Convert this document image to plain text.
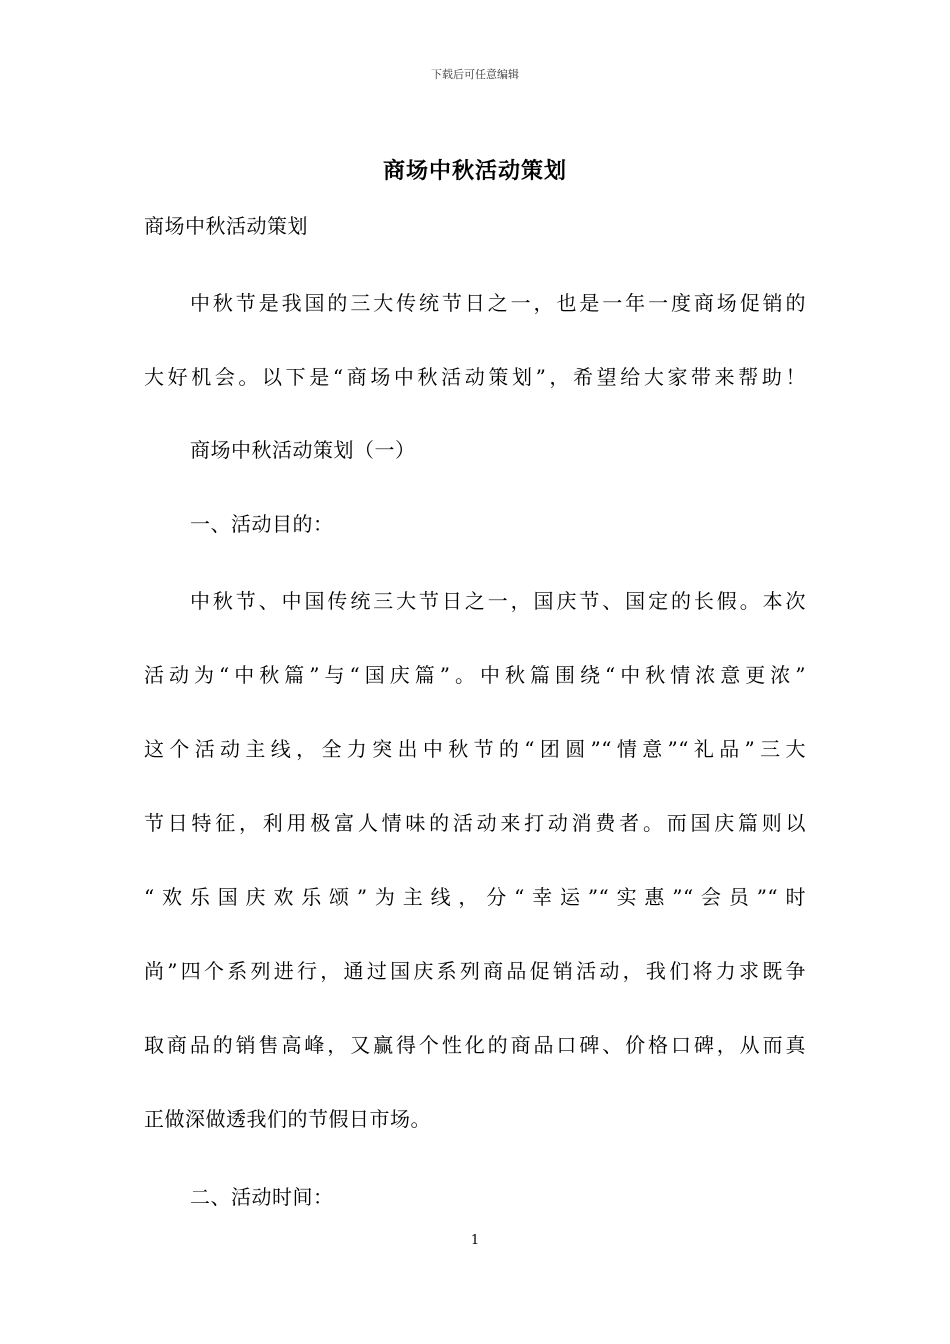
下载后可任意编辑
商场中秋活动策划
商场中秋活动策划
中秋节是我国的三大传统节日之一，也是一年一度商场促销的
大好机会。以下是“商场中秋活动策划”，希望给大家带来帮助！
商场中秋活动策划（一）
一、活动目的：
中秋节、中国传统三大节日之一，国庆节、国定的长假。本次
活动为“中秋篇”与“国庆篇”。中秋篇围绕“中秋情浓意更浓”
这个活动主线，全力突出中秋节的“团圆”“情意”“礼品”三大
节日特征，利用极富人情味的活动来打动消费者。而国庆篇则以
“欢乐国庆欢乐颂”为主线，分“幸运”“实惠”“会员”“时
尚”四个系列进行，通过国庆系列商品促销活动，我们将力求既争
取商品的销售高峰，又赢得个性化的商品口碑、价格口碑，从而真
正做深做透我们的节假日市场。
二、活动时间：
1
